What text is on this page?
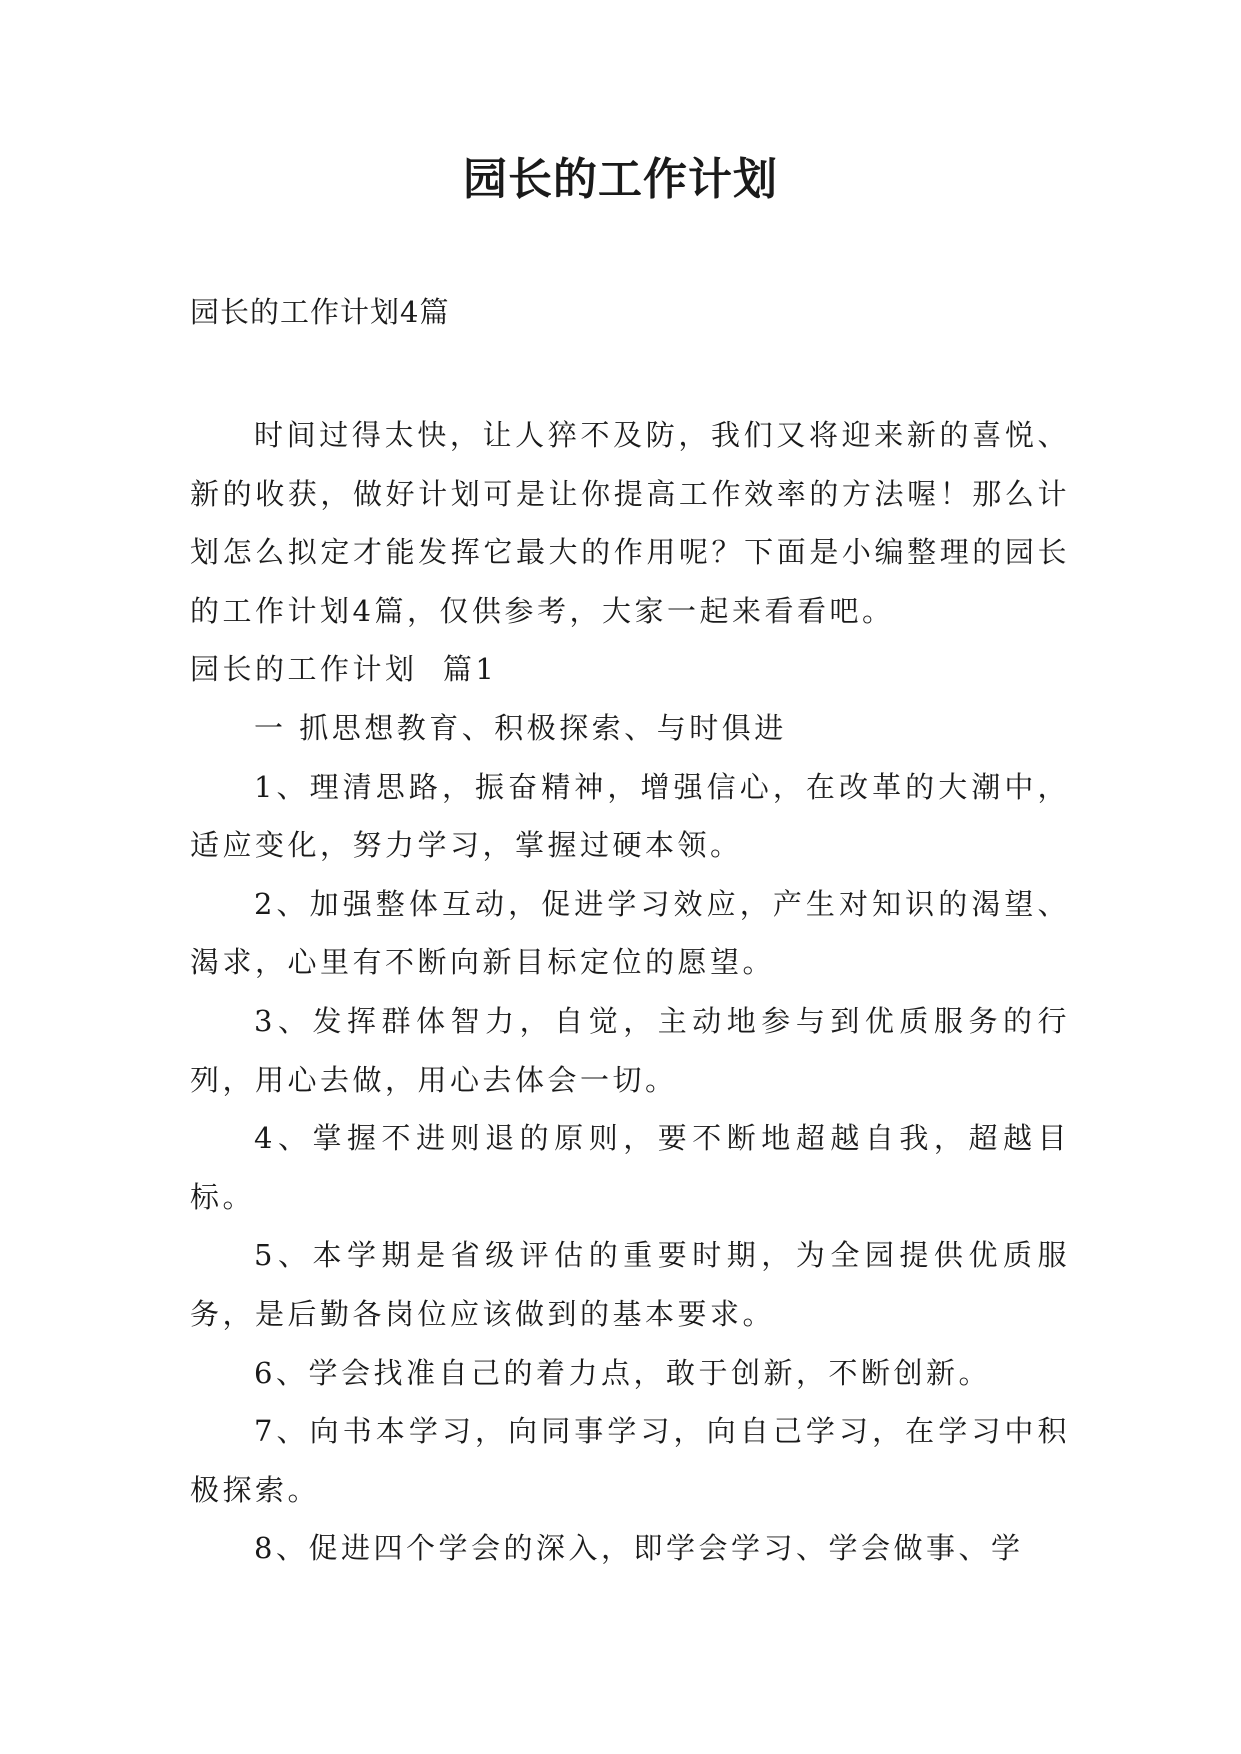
园长的工作计划

园长的工作计划4篇

时间过得太快，让人猝不及防，我们又将迎来新的喜悦、新的收获，做好计划可是让你提高工作效率的方法喔！那么计划怎么拟定才能发挥它最大的作用呢？下面是小编整理的园长的工作计划4篇，仅供参考，大家一起来看看吧。

园长的工作计划  篇1

一 抓思想教育、积极探索、与时俱进

1、理清思路，振奋精神，增强信心，在改革的大潮中，适应变化，努力学习，掌握过硬本领。

2、加强整体互动，促进学习效应，产生对知识的渴望、渴求，心里有不断向新目标定位的愿望。

3、发挥群体智力，自觉，主动地参与到优质服务的行列，用心去做，用心去体会一切。

4、掌握不进则退的原则，要不断地超越自我，超越目标。

5、本学期是省级评估的重要时期，为全园提供优质服务，是后勤各岗位应该做到的基本要求。

6、学会找准自己的着力点，敢于创新，不断创新。

7、向书本学习，向同事学习，向自己学习，在学习中积极探索。

8、促进四个学会的深入，即学会学习、学会做事、学
